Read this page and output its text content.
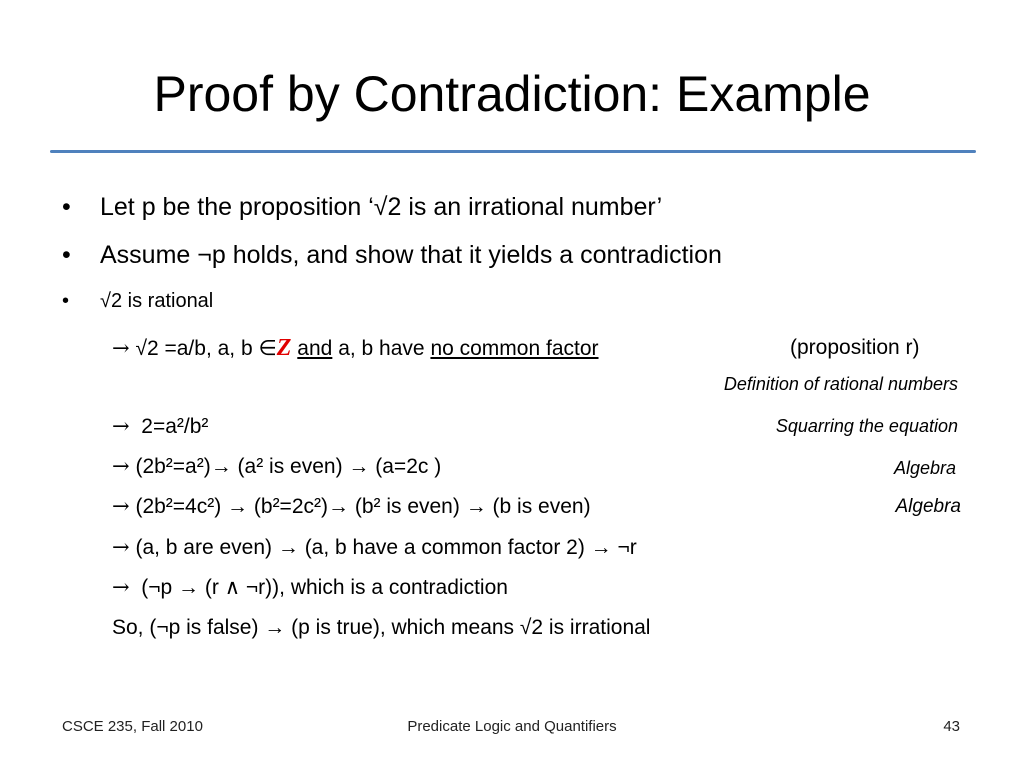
Proof by Contradiction: Example
• Let p be the proposition ‘√2 is an irrational number’
• Assume ¬p holds, and show that it yields a contradiction
• √2 is rational
→ √2 =a/b, a, b ∈Z and a, b have no common factor	(proposition r)
Definition of rational numbers
→ 2=a²/b²	Squarring the equation
→ (2b²=a²)→ (a² is even) → (a=2c )	Algebra
→ (2b²=4c²) → (b²=2c²)→ (b² is even) → (b is even)	Algebra
→ (a, b are even) → (a, b have a common factor 2) → ¬r
→ (¬p → (r ∧ ¬r)), which is a contradiction
So, (¬p is false) → (p is true), which means √2 is irrational
CSCE 235, Fall 2010	Predicate Logic and Quantifiers	43
